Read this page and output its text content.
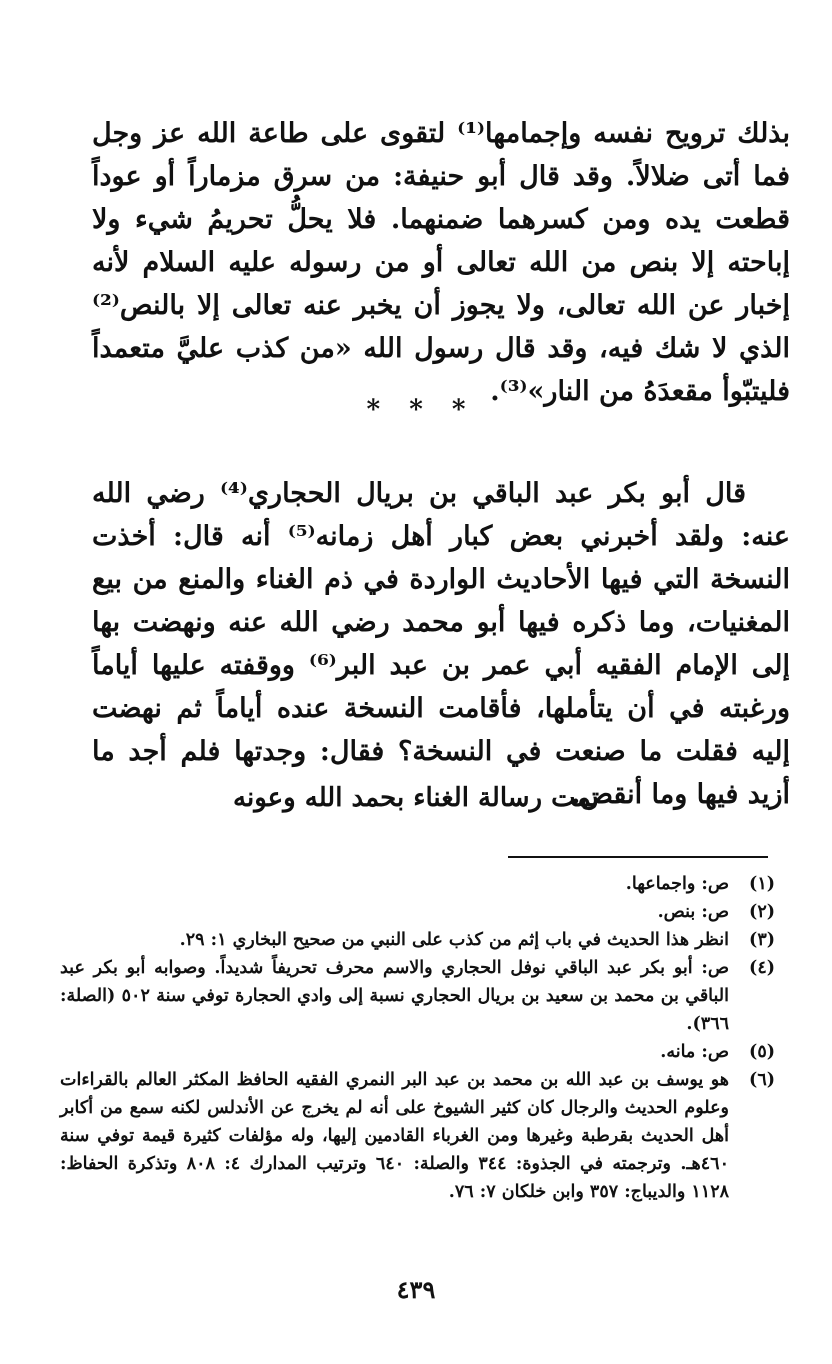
بذلك ترويح نفسه وإجمامها⁽¹⁾ لتقوى على طاعة الله عز وجل فما أتى ضلالاً. وقد قال أبو حنيفة: من سرق مزماراً أو عوداً قطعت يده ومن كسرهما ضمنهما. فلا يحلُّ تحريمُ شيء ولا إباحته إلا بنص من الله تعالى أو من رسوله عليه السلام لأنه إخبار عن الله تعالى، ولا يجوز أن يخبر عنه تعالى إلا بالنص⁽²⁾ الذي لا شك فيه، وقد قال رسول الله «من كذب عليَّ متعمداً فليتبّوأ مقعدَهُ من النار»⁽³⁾.

* * *

قال أبو بكر عبد الباقي بن بريال الحجاري⁽⁴⁾ رضي الله عنه: ولقد أخبرني بعض كبار أهل زمانه⁽⁵⁾ أنه قال: أخذت النسخة التي فيها الأحاديث الواردة في ذم الغناء والمنع من بيع المغنيات، وما ذكره فيها أبو محمد رضي الله عنه ونهضت بها إلى الإمام الفقيه أبي عمر بن عبد البر⁽⁶⁾ ووقفته عليها أياماً ورغبته في أن يتأملها، فأقامت النسخة عنده أياماً ثم نهضت إليه فقلت ما صنعت في النسخة؟ فقال: وجدتها فلم أجد ما أزيد فيها وما أنقص.

تمت رسالة الغناء بحمد الله وعونه
(١)
ص: واجماعها.
(٢)
ص: بنص.
(٣)
انظر هذا الحديث في باب إثم من كذب على النبي من صحيح البخاري ١: ٢٩.
(٤)
ص: أبو بكر عبد الباقي نوفل الحجاري والاسم محرف تحريفاً شديداً. وصوابه أبو بكر عبد الباقي بن محمد بن سعيد بن بريال الحجاري نسبة إلى وادي الحجارة توفي سنة ٥٠٢ (الصلة: ٣٦٦).
(٥)
ص: مانه.
(٦)
هو يوسف بن عبد الله بن محمد بن عبد البر النمري الفقيه الحافظ المكثر العالم بالقراءات وعلوم الحديث والرجال كان كثير الشيوخ على أنه لم يخرج عن الأندلس لكنه سمع من أكابر أهل الحديث بقرطبة وغيرها ومن الغرباء القادمين إليها، وله مؤلفات كثيرة قيمة توفي سنة ٤٦٠هـ. وترجمته في الجذوة: ٣٤٤ والصلة: ٦٤٠ وترتيب المدارك ٤: ٨٠٨ وتذكرة الحفاظ: ١١٢٨ والديباج: ٣٥٧ وابن خلكان ٧: ٧٦.
٤٣٩
